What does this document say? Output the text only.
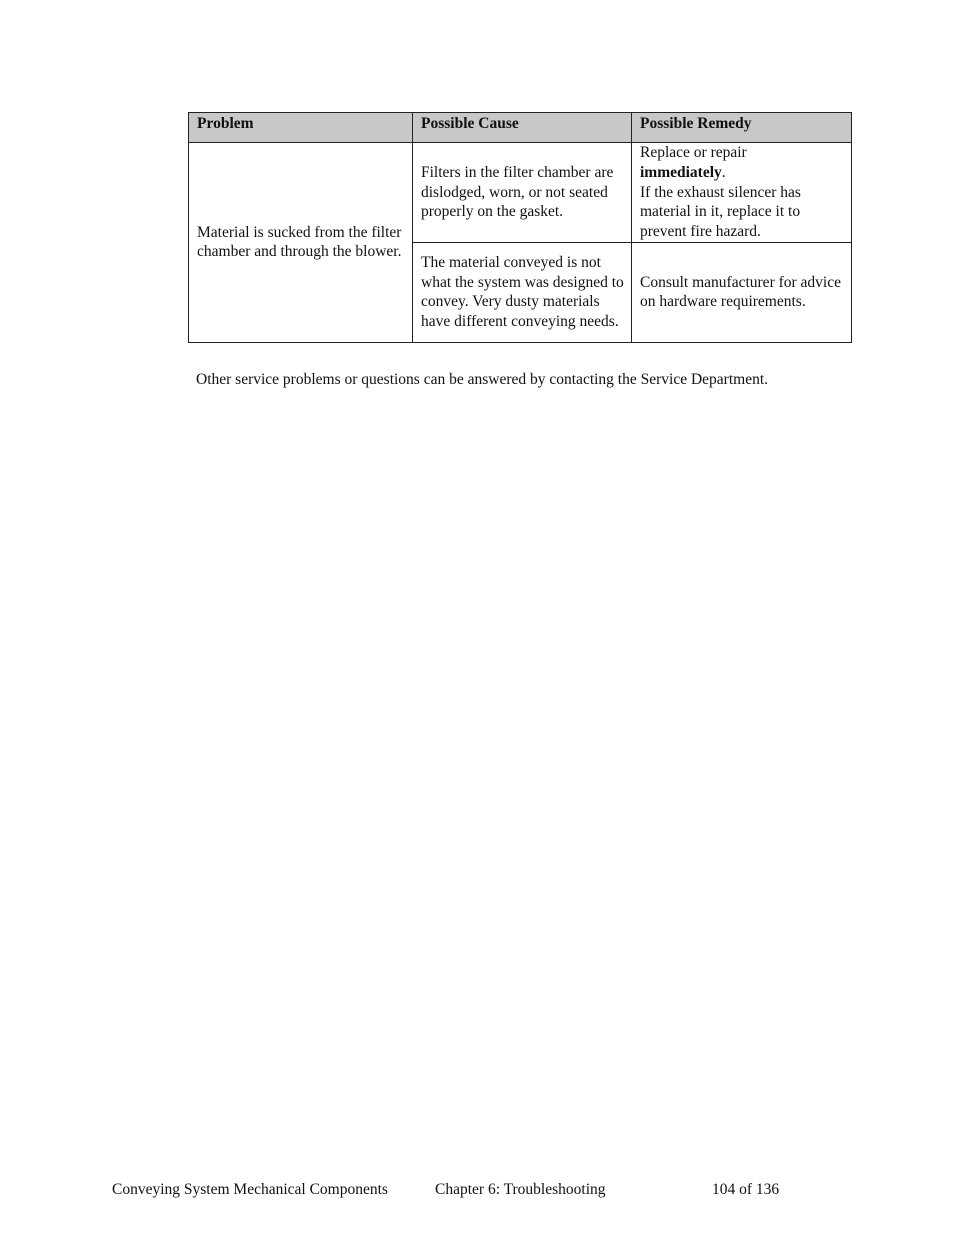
Problem	Possible Cause	Possible Remedy
Material is sucked from the filter chamber and through the blower.	Filters in the filter chamber are dislodged, worn, or not seated properly on the gasket.	Replace or repair
immediately.
If the exhaust silencer has material in it, replace it to prevent fire hazard.

	The material conveyed is not what the system was designed to convey. Very dusty materials have different conveying needs.	Consult manufacturer for advice on hardware requirements.
Other service problems or questions can be answered by contacting the Service Department.
Conveying System Mechanical Components	Chapter 6: Troubleshooting	104 of 136
